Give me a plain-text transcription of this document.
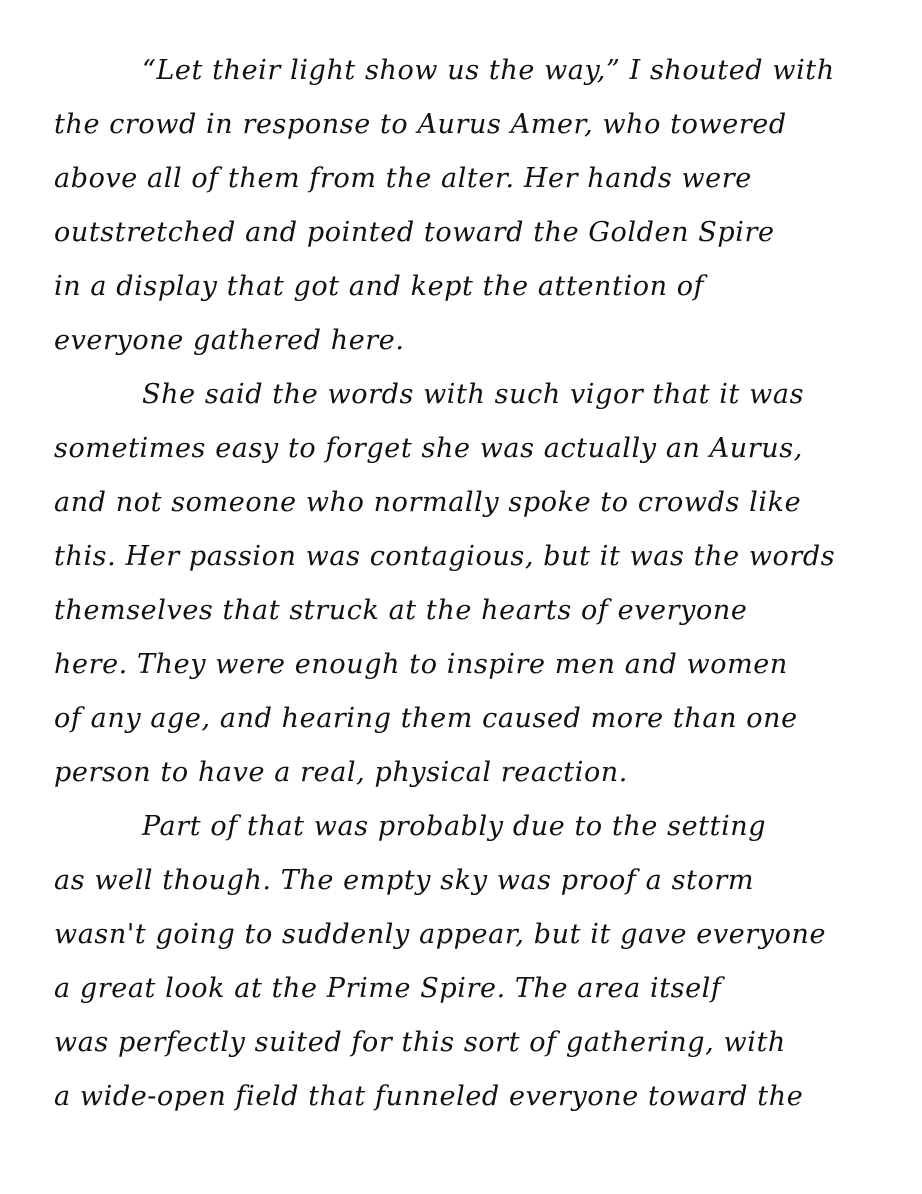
“Let their light show us the way,” I shouted with
the crowd in response to Aurus Amer, who towered
above all of them from the alter. Her hands were
outstretched and pointed toward the Golden Spire
in a display that got and kept the attention of
everyone gathered here.
She said the words with such vigor that it was
sometimes easy to forget she was actually an Aurus,
and not someone who normally spoke to crowds like
this. Her passion was contagious, but it was the words
themselves that struck at the hearts of everyone
here. They were enough to inspire men and women
of any age, and hearing them caused more than one
person to have a real, physical reaction.
Part of that was probably due to the setting
as well though. The empty sky was proof a storm
wasn't going to suddenly appear, but it gave everyone
a great look at the Prime Spire. The area itself
was perfectly suited for this sort of gathering, with
a wide-open field that funneled everyone toward the
